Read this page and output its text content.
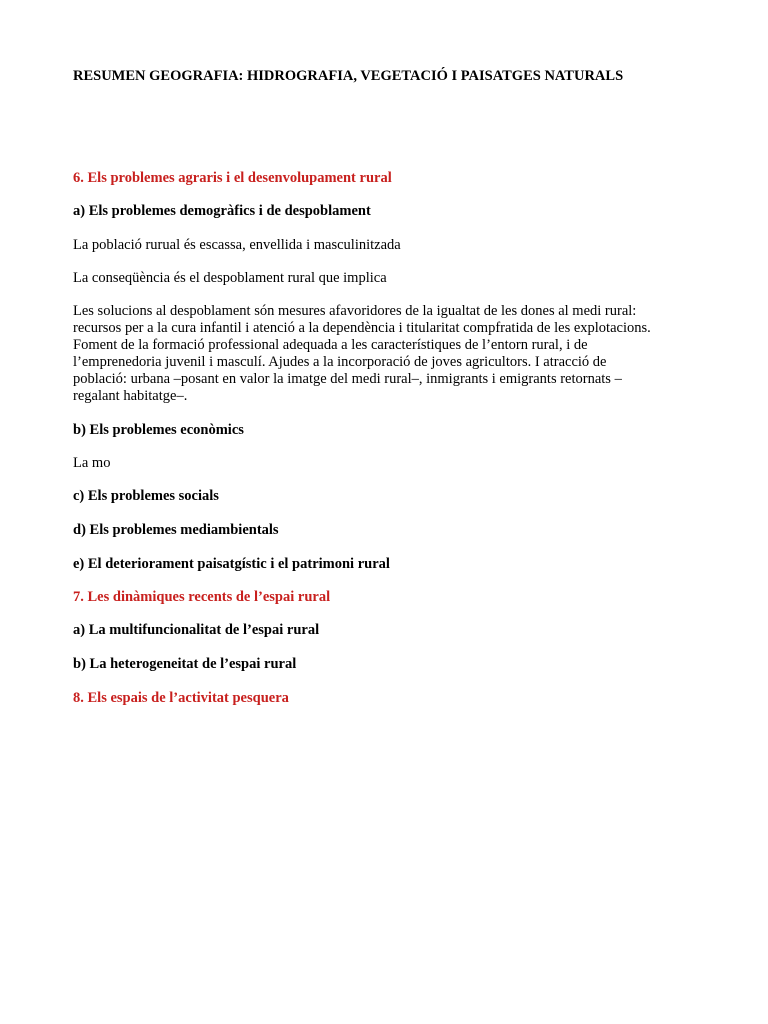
RESUMEN GEOGRAFIA: HIDROGRAFIA, VEGETACIÓ I PAISATGES NATURALS

6. Els problemes agraris i el desenvolupament rural

a) Els problemes demogràfics i de despoblament

La població rurual és escassa, envellida i masculinitzada

La conseqüència és el despoblament rural que implica

Les solucions al despoblament són mesures afavoridores de la igualtat de les dones al medi rural:
recursos per a la cura infantil i atenció a la dependència i titularitat compfratida de les explotacions.
Foment de la formació professional adequada a les característiques de l’entorn rural, i de
l’emprenedoria juvenil i masculí. Ajudes a la incorporació de joves agricultors. I atracció de
població: urbana –posant en valor la imatge del medi rural–, inmigrants i emigrants retornats –
regalant habitatge–.

b) Els problemes econòmics

La mo

c) Els problemes socials

d) Els problemes mediambientals

e) El deteriorament paisatgístic i el patrimoni rural

7. Les dinàmiques recents de l’espai rural

a) La multifuncionalitat de l’espai rural

b) La heterogeneitat de l’espai rural

8. Els espais de l’activitat pesquera
